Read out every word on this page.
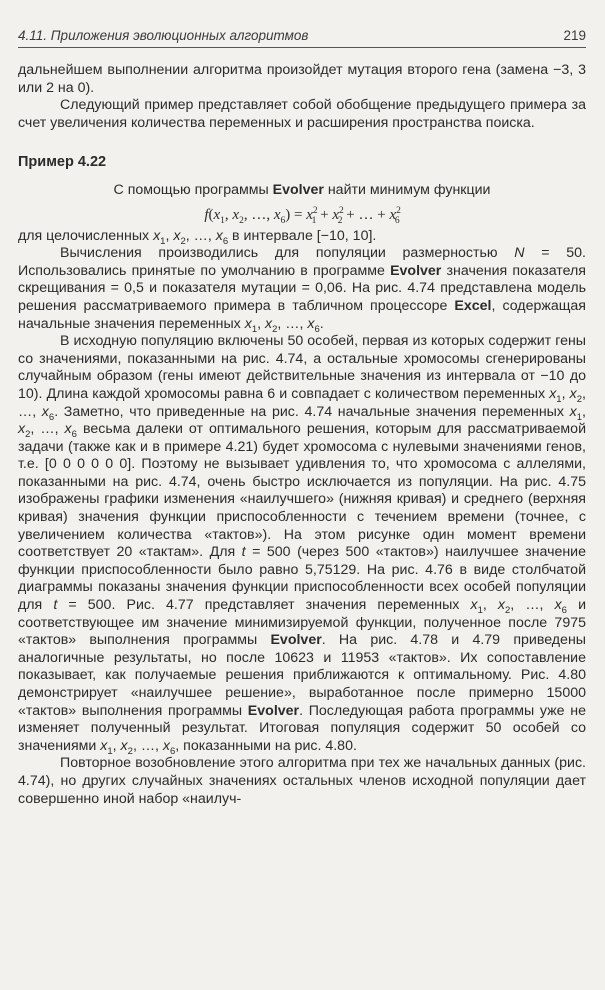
4.11. Приложения эволюционных алгоритмов	219

дальнейшем выполнении алгоритма произойдет мутация второго гена (замена −3, 3 или 2 на 0).

Следующий пример представляет собой обобщение предыдущего примера за счет увеличения количества переменных и расширения пространства поиска.

Пример 4.22

С помощью программы Evolver найти минимум функции

$f(x_1$, $x_2$, …, $x_6) = x^2_1 + x^2_2$ + … + $x^2_6$

для целочисленных $x_1$, $x_2$, …, $x_6$ в интервале [−10, 10].

Вычисления производились для популяции размерностью N = 50. Использовались принятые по умолчанию в программе Evolver значения показателя скрещивания = 0,5 и показателя мутации = 0,06. На рис. 4.74 представлена модель решения рассматриваемого примера в табличном процессоре Excel, содержащая начальные значения переменных $x_1$, $x_2$, …, $x_6$.

В исходную популяцию включены 50 особей, первая из которых содержит гены со значениями, показанными на рис. 4.74, а остальные хромосомы сгенерированы случайным образом (гены имеют действительные значения из интервала от −10 до 10). Длина каждой хромосомы равна 6 и совпадает с количеством переменных $x_1$, $x_2$, …, $x_6$. Заметно, что приведенные на рис. 4.74 начальные значения переменных $x_1$, $x_2$, …, $x_6$ весьма далеки от оптимального решения, которым для рассматриваемой задачи (также как и в примере 4.21) будет хромосома с нулевыми значениями генов, т.е. [0 0 0 0 0 0]. Поэтому не вызывает удивления то, что хромосома с аллелями, показанными на рис. 4.74, очень быстро исключается из популяции. На рис. 4.75 изображены графики изменения «наилучшего» (нижняя кривая) и среднего (верхняя кривая) значения функции приспособленности с течением времени (точнее, с увеличением количества «тактов»). На этом рисунке один момент времени соответствует 20 «тактам». Для t = 500 (через 500 «тактов») наилучшее значение функции приспособленности было равно 5,75129. На рис. 4.76 в виде столбчатой диаграммы показаны значения функции приспособленности всех особей популяции для t = 500. Рис. 4.77 представляет значения переменных $x_1$, $x_2$, …, $x_6$ и соответствующее им значение минимизируемой функции, полученное после 7975 «тактов» выполнения программы Evolver. На рис. 4.78 и 4.79 приведены аналогичные результаты, но после 10623 и 11953 «тактов». Их сопоставление показывает, как получаемые решения приближаются к оптимальному. Рис. 4.80 демонстрирует «наилучшее решение», выработанное после примерно 15000 «тактов» выполнения программы Evolver. Последующая работа программы уже не изменяет полученный результат. Итоговая популяция содержит 50 особей со значениями $x_1$, $x_2$, …, $x_6$, показанными на рис. 4.80.

Повторное возобновление этого алгоритма при тех же начальных данных (рис. 4.74), но других случайных значениях остальных членов исходной популяции дает совершенно иной набор «наилуч-
